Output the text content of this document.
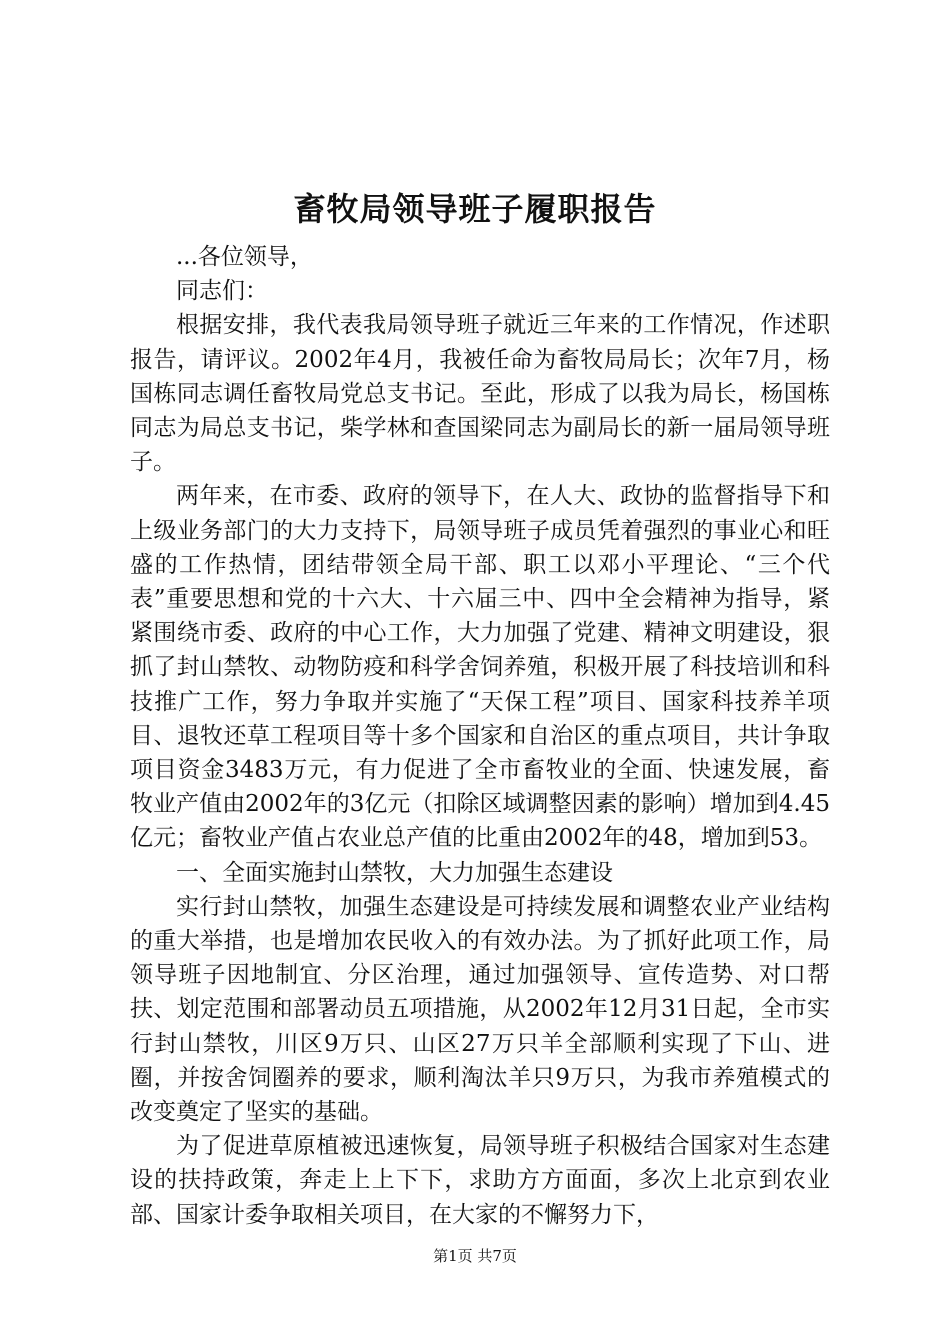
畜牧局领导班子履职报告

...各位领导，

同志们：

根据安排，我代表我局领导班子就近三年来的工作情况，作述职报告，请评议。2002年4月，我被任命为畜牧局局长；次年7月，杨国栋同志调任畜牧局党总支书记。至此，形成了以我为局长，杨国栋同志为局总支书记，柴学林和查国梁同志为副局长的新一届局领导班子。

两年来，在市委、政府的领导下，在人大、政协的监督指导下和上级业务部门的大力支持下，局领导班子成员凭着强烈的事业心和旺盛的工作热情，团结带领全局干部、职工以邓小平理论、“三个代表”重要思想和党的十六大、十六届三中、四中全会精神为指导，紧紧围绕市委、政府的中心工作，大力加强了党建、精神文明建设，狠抓了封山禁牧、动物防疫和科学舍饲养殖，积极开展了科技培训和科技推广工作，努力争取并实施了“天保工程”项目、国家科技养羊项目、退牧还草工程项目等十多个国家和自治区的重点项目，共计争取项目资金3483万元，有力促进了全市畜牧业的全面、快速发展，畜牧业产值由2002年的3亿元（扣除区域调整因素的影响）增加到4.45亿元；畜牧业产值占农业总产值的比重由2002年的48，增加到53。

一、全面实施封山禁牧，大力加强生态建设

实行封山禁牧，加强生态建设是可持续发展和调整农业产业结构的重大举措，也是增加农民收入的有效办法。为了抓好此项工作，局领导班子因地制宜、分区治理，通过加强领导、宣传造势、对口帮扶、划定范围和部署动员五项措施，从2002年12月31日起，全市实行封山禁牧，川区9万只、山区27万只羊全部顺利实现了下山、进圈，并按舍饲圈养的要求，顺利淘汰羊只9万只，为我市养殖模式的改变奠定了坚实的基础。

为了促进草原植被迅速恢复，局领导班子积极结合国家对生态建设的扶持政策，奔走上上下下，求助方方面面，多次上北京到农业部、国家计委争取相关项目，在大家的不懈努力下，

第1页 共7页
